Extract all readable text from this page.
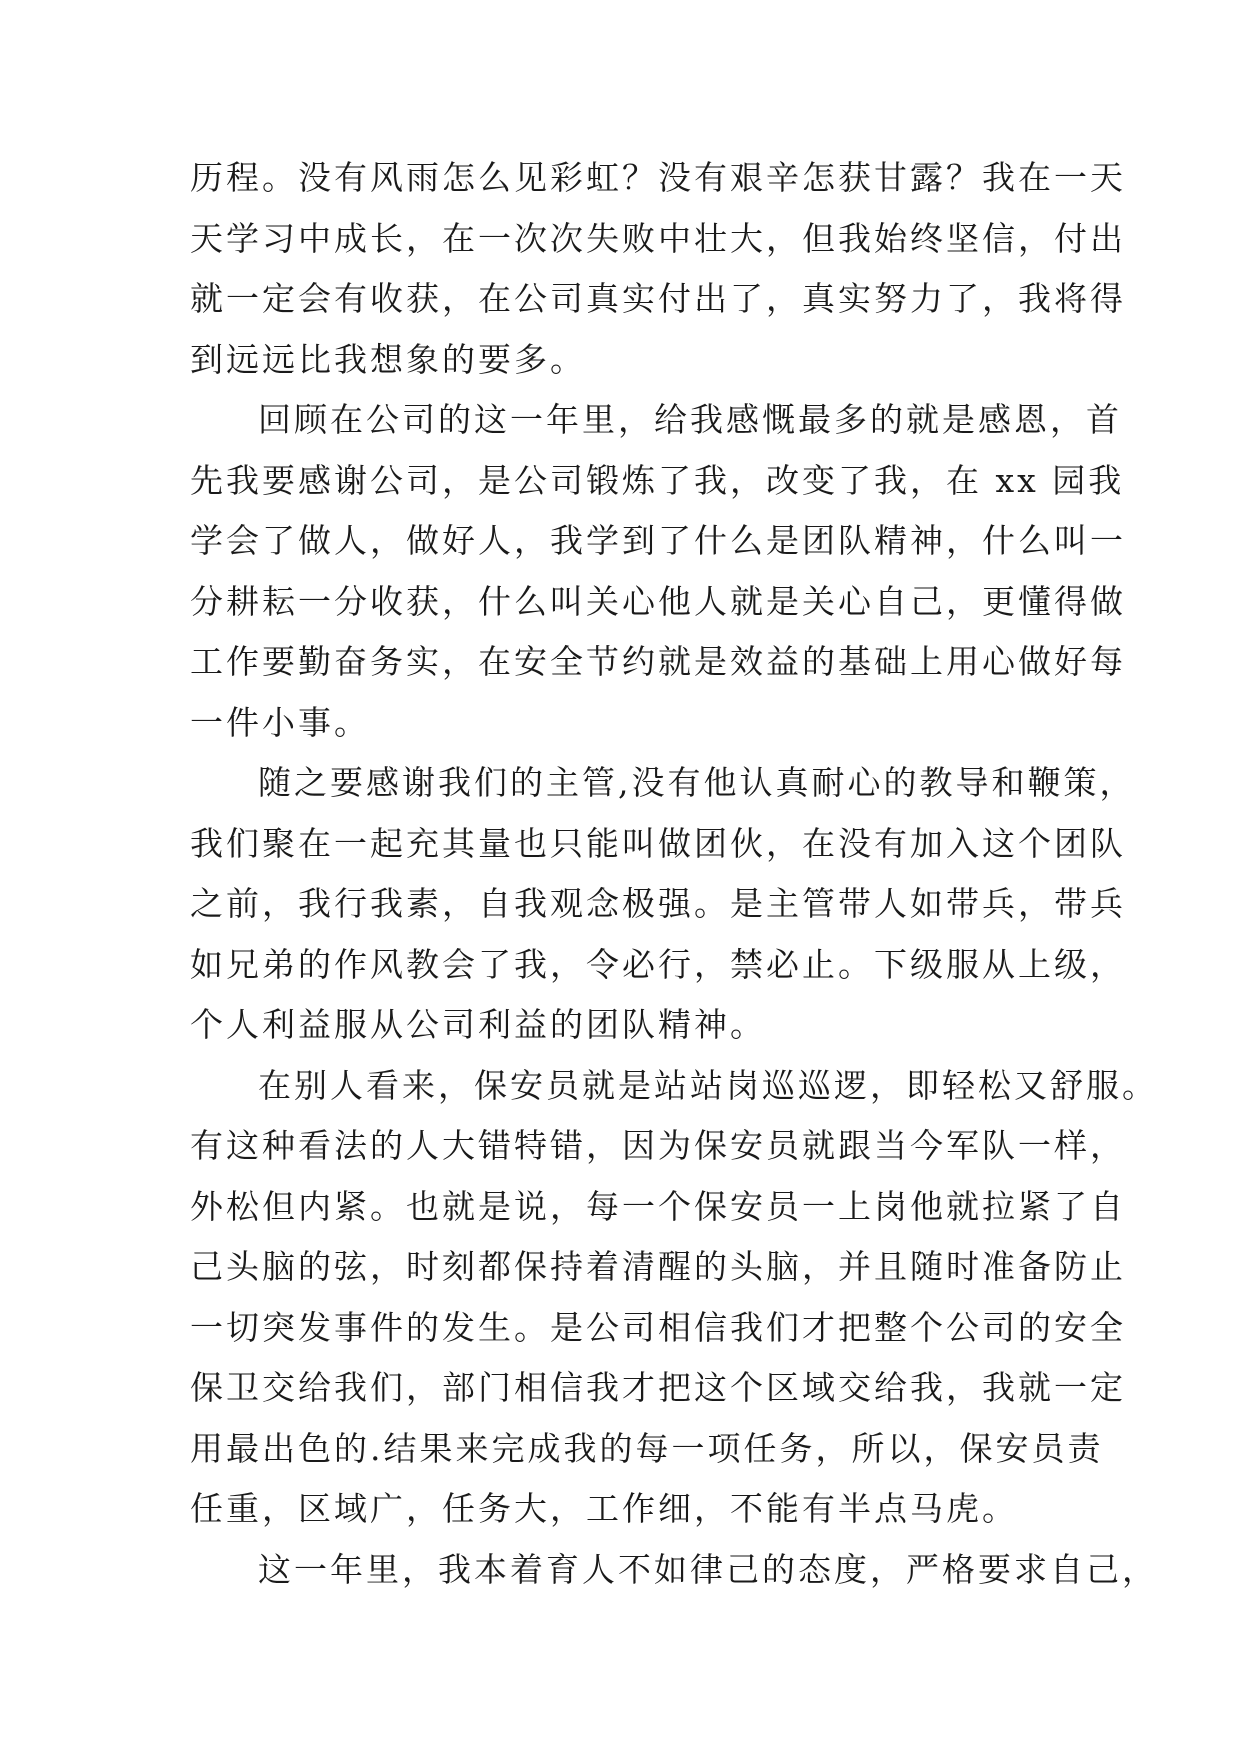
历程。没有风雨怎么见彩虹？没有艰辛怎获甘露？我在一天
天学习中成长，在一次次失败中壮大，但我始终坚信，付出
就一定会有收获，在公司真实付出了，真实努力了，我将得
到远远比我想象的要多。
回顾在公司的这一年里，给我感慨最多的就是感恩，首
先我要感谢公司，是公司锻炼了我，改变了我，在 xx 园我
学会了做人，做好人，我学到了什么是团队精神，什么叫一
分耕耘一分收获，什么叫关心他人就是关心自己，更懂得做
工作要勤奋务实，在安全节约就是效益的基础上用心做好每
一件小事。
随之要感谢我们的主管,没有他认真耐心的教导和鞭策，
我们聚在一起充其量也只能叫做团伙，在没有加入这个团队
之前，我行我素，自我观念极强。是主管带人如带兵，带兵
如兄弟的作风教会了我，令必行，禁必止。下级服从上级，
个人利益服从公司利益的团队精神。
在别人看来，保安员就是站站岗巡巡逻，即轻松又舒服。
有这种看法的人大错特错，因为保安员就跟当今军队一样，
外松但内紧。也就是说，每一个保安员一上岗他就拉紧了自
己头脑的弦，时刻都保持着清醒的头脑，并且随时准备防止
一切突发事件的发生。是公司相信我们才把整个公司的安全
保卫交给我们，部门相信我才把这个区域交给我，我就一定
用最出色的.结果来完成我的每一项任务，所以，保安员责
任重，区域广，任务大，工作细，不能有半点马虎。
这一年里，我本着育人不如律己的态度，严格要求自己，
